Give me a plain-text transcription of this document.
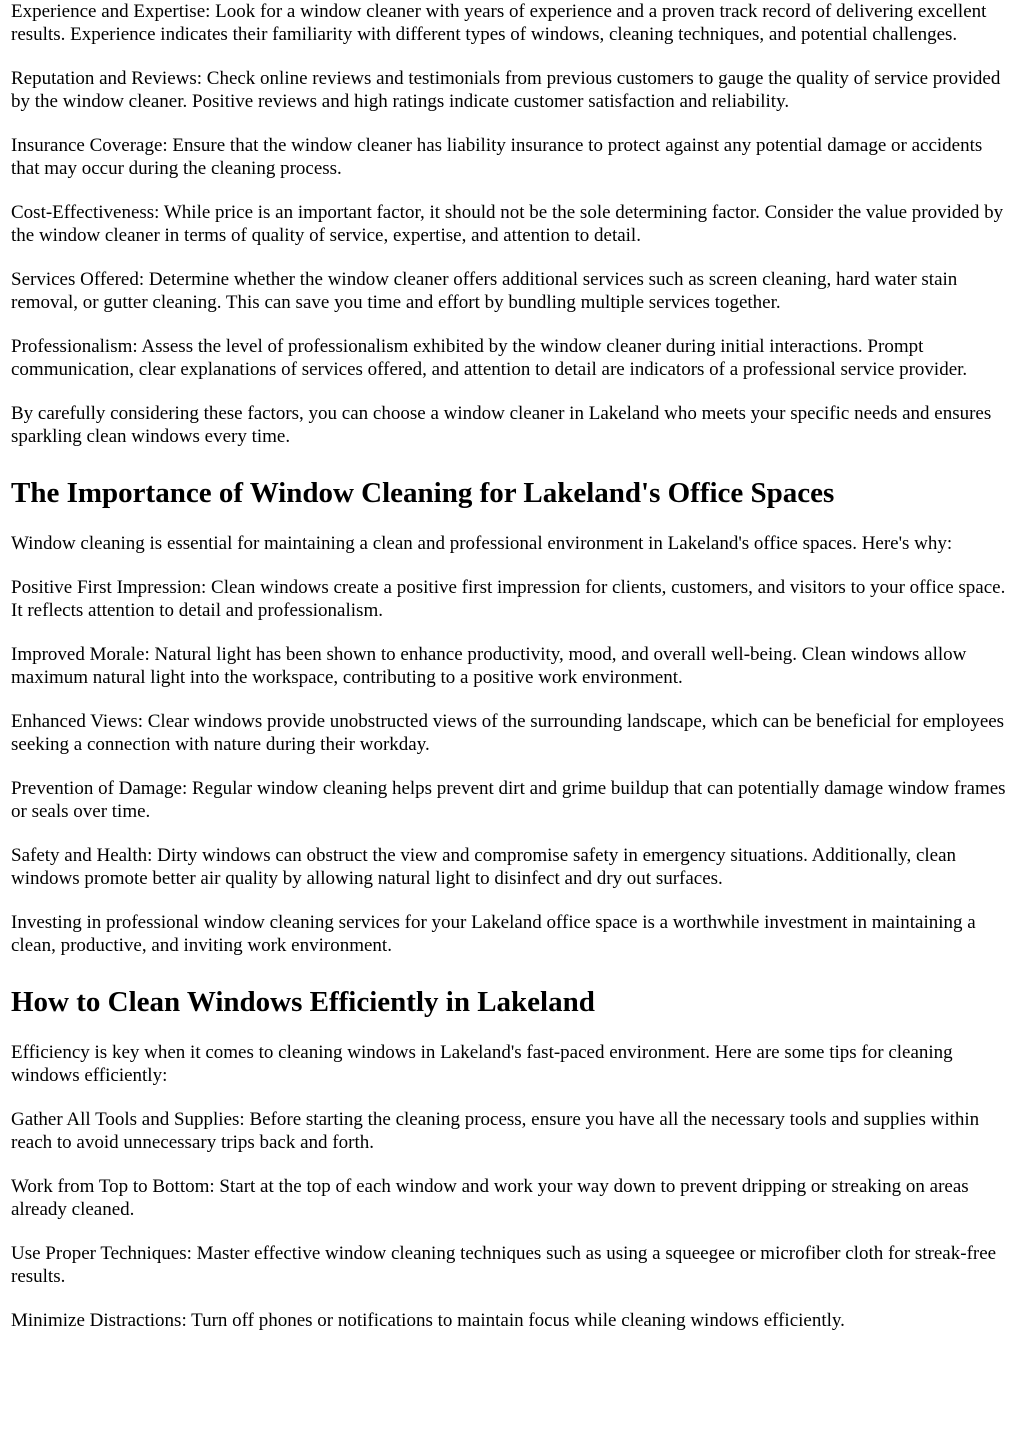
Experience and Expertise: Look for a window cleaner with years of experience and a proven track record of delivering excellent results. Experience indicates their familiarity with different types of windows, cleaning techniques, and potential challenges.

Reputation and Reviews: Check online reviews and testimonials from previous customers to gauge the quality of service provided by the window cleaner. Positive reviews and high ratings indicate customer satisfaction and reliability.

Insurance Coverage: Ensure that the window cleaner has liability insurance to protect against any potential damage or accidents that may occur during the cleaning process.

Cost-Effectiveness: While price is an important factor, it should not be the sole determining factor. Consider the value provided by the window cleaner in terms of quality of service, expertise, and attention to detail.

Services Offered: Determine whether the window cleaner offers additional services such as screen cleaning, hard water stain removal, or gutter cleaning. This can save you time and effort by bundling multiple services together.

Professionalism: Assess the level of professionalism exhibited by the window cleaner during initial interactions. Prompt communication, clear explanations of services offered, and attention to detail are indicators of a professional service provider.

By carefully considering these factors, you can choose a window cleaner in Lakeland who meets your specific needs and ensures sparkling clean windows every time.

The Importance of Window Cleaning for Lakeland's Office Spaces

Window cleaning is essential for maintaining a clean and professional environment in Lakeland's office spaces. Here's why:

Positive First Impression: Clean windows create a positive first impression for clients, customers, and visitors to your office space. It reflects attention to detail and professionalism.

Improved Morale: Natural light has been shown to enhance productivity, mood, and overall well-being. Clean windows allow maximum natural light into the workspace, contributing to a positive work environment.

Enhanced Views: Clear windows provide unobstructed views of the surrounding landscape, which can be beneficial for employees seeking a connection with nature during their workday.

Prevention of Damage: Regular window cleaning helps prevent dirt and grime buildup that can potentially damage window frames or seals over time.

Safety and Health: Dirty windows can obstruct the view and compromise safety in emergency situations. Additionally, clean windows promote better air quality by allowing natural light to disinfect and dry out surfaces.

Investing in professional window cleaning services for your Lakeland office space is a worthwhile investment in maintaining a clean, productive, and inviting work environment.

How to Clean Windows Efficiently in Lakeland

Efficiency is key when it comes to cleaning windows in Lakeland's fast-paced environment. Here are some tips for cleaning windows efficiently:

Gather All Tools and Supplies: Before starting the cleaning process, ensure you have all the necessary tools and supplies within reach to avoid unnecessary trips back and forth.

Work from Top to Bottom: Start at the top of each window and work your way down to prevent dripping or streaking on areas already cleaned.

Use Proper Techniques: Master effective window cleaning techniques such as using a squeegee or microfiber cloth for streak-free results.

Minimize Distractions: Turn off phones or notifications to maintain focus while cleaning windows efficiently.
